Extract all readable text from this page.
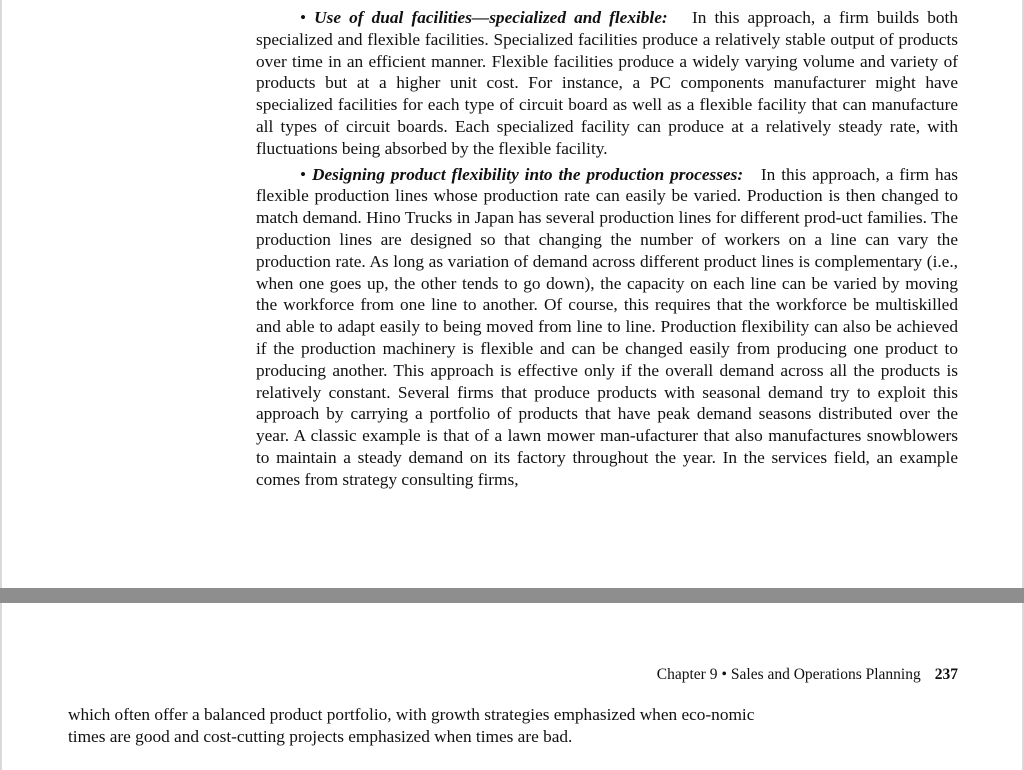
• Use of dual facilities—specialized and flexible: In this approach, a firm builds both specialized and flexible facilities. Specialized facilities produce a relatively stable output of products over time in an efficient manner. Flexible facilities produce a widely varying volume and variety of products but at a higher unit cost. For instance, a PC components manufacturer might have specialized facilities for each type of circuit board as well as a flexible facility that can manufacture all types of circuit boards. Each specialized facility can produce at a relatively steady rate, with fluctuations being absorbed by the flexible facility.

• Designing product flexibility into the production processes: In this approach, a firm has flexible production lines whose production rate can easily be varied. Production is then changed to match demand. Hino Trucks in Japan has several production lines for different prod-uct families. The production lines are designed so that changing the number of workers on a line can vary the production rate. As long as variation of demand across different product lines is complementary (i.e., when one goes up, the other tends to go down), the capacity on each line can be varied by moving the workforce from one line to another. Of course, this requires that the workforce be multiskilled and able to adapt easily to being moved from line to line. Production flexibility can also be achieved if the production machinery is flexible and can be changed easily from producing one product to producing another. This approach is effective only if the overall demand across all the products is relatively constant. Several firms that produce products with seasonal demand try to exploit this approach by carrying a portfolio of products that have peak demand seasons distributed over the year. A classic example is that of a lawn mower man-ufacturer that also manufactures snowblowers to maintain a steady demand on its factory throughout the year. In the services field, an example comes from strategy consulting firms,

Chapter 9 • Sales and Operations Planning 237
which often offer a balanced product portfolio, with growth strategies emphasized when eco-nomic times are good and cost-cutting projects emphasized when times are bad.
